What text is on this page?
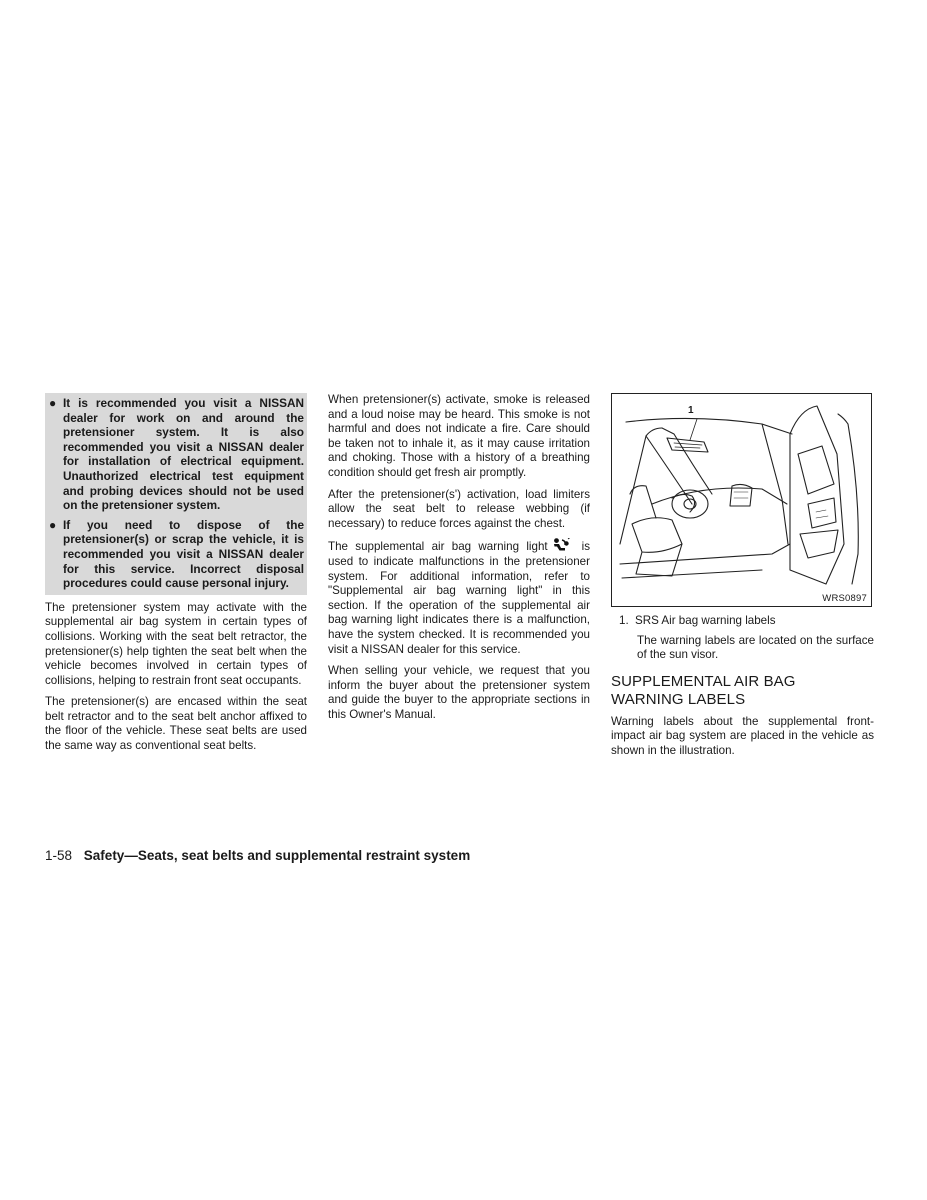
● It is recommended you visit a NISSAN dealer for work on and around the pretensioner system. It is also recommended you visit a NISSAN dealer for installation of electrical equipment. Unauthorized electrical test equipment and probing devices should not be used on the pretensioner system.

● If you need to dispose of the pretensioner(s) or scrap the vehicle, it is recommended you visit a NISSAN dealer for this service. Incorrect disposal procedures could cause personal injury.

The pretensioner system may activate with the supplemental air bag system in certain types of collisions. Working with the seat belt retractor, the pretensioner(s) help tighten the seat belt when the vehicle becomes involved in certain types of collisions, helping to restrain front seat occupants.

The pretensioner(s) are encased within the seat belt retractor and to the seat belt anchor affixed to the floor of the vehicle. These seat belts are used the same way as conventional seat belts.

When pretensioner(s) activate, smoke is released and a loud noise may be heard. This smoke is not harmful and does not indicate a fire. Care should be taken not to inhale it, as it may cause irritation and choking. Those with a history of a breathing condition should get fresh air promptly.

After the pretensioner(s') activation, load limiters allow the seat belt to release webbing (if necessary) to reduce forces against the chest.

The supplemental air bag warning light	is used to indicate malfunctions in the pretensioner system. For additional information, refer to "Supplemental air bag warning light" in this section. If the operation of the supplemental air bag warning light indicates there is a malfunction, have the system checked. It is recommended you visit a NISSAN dealer for this service.

When selling your vehicle, we request that you inform the buyer about the pretensioner system and guide the buyer to the appropriate sections in this Owner's Manual.

1
WRS0897
1. SRS Air bag warning labels

The warning labels are located on the surface of the sun visor.

SUPPLEMENTAL AIR BAG
WARNING LABELS

Warning labels about the supplemental front-impact air bag system are placed in the vehicle as shown in the illustration.

1-58 Safety—Seats, seat belts and supplemental restraint system
